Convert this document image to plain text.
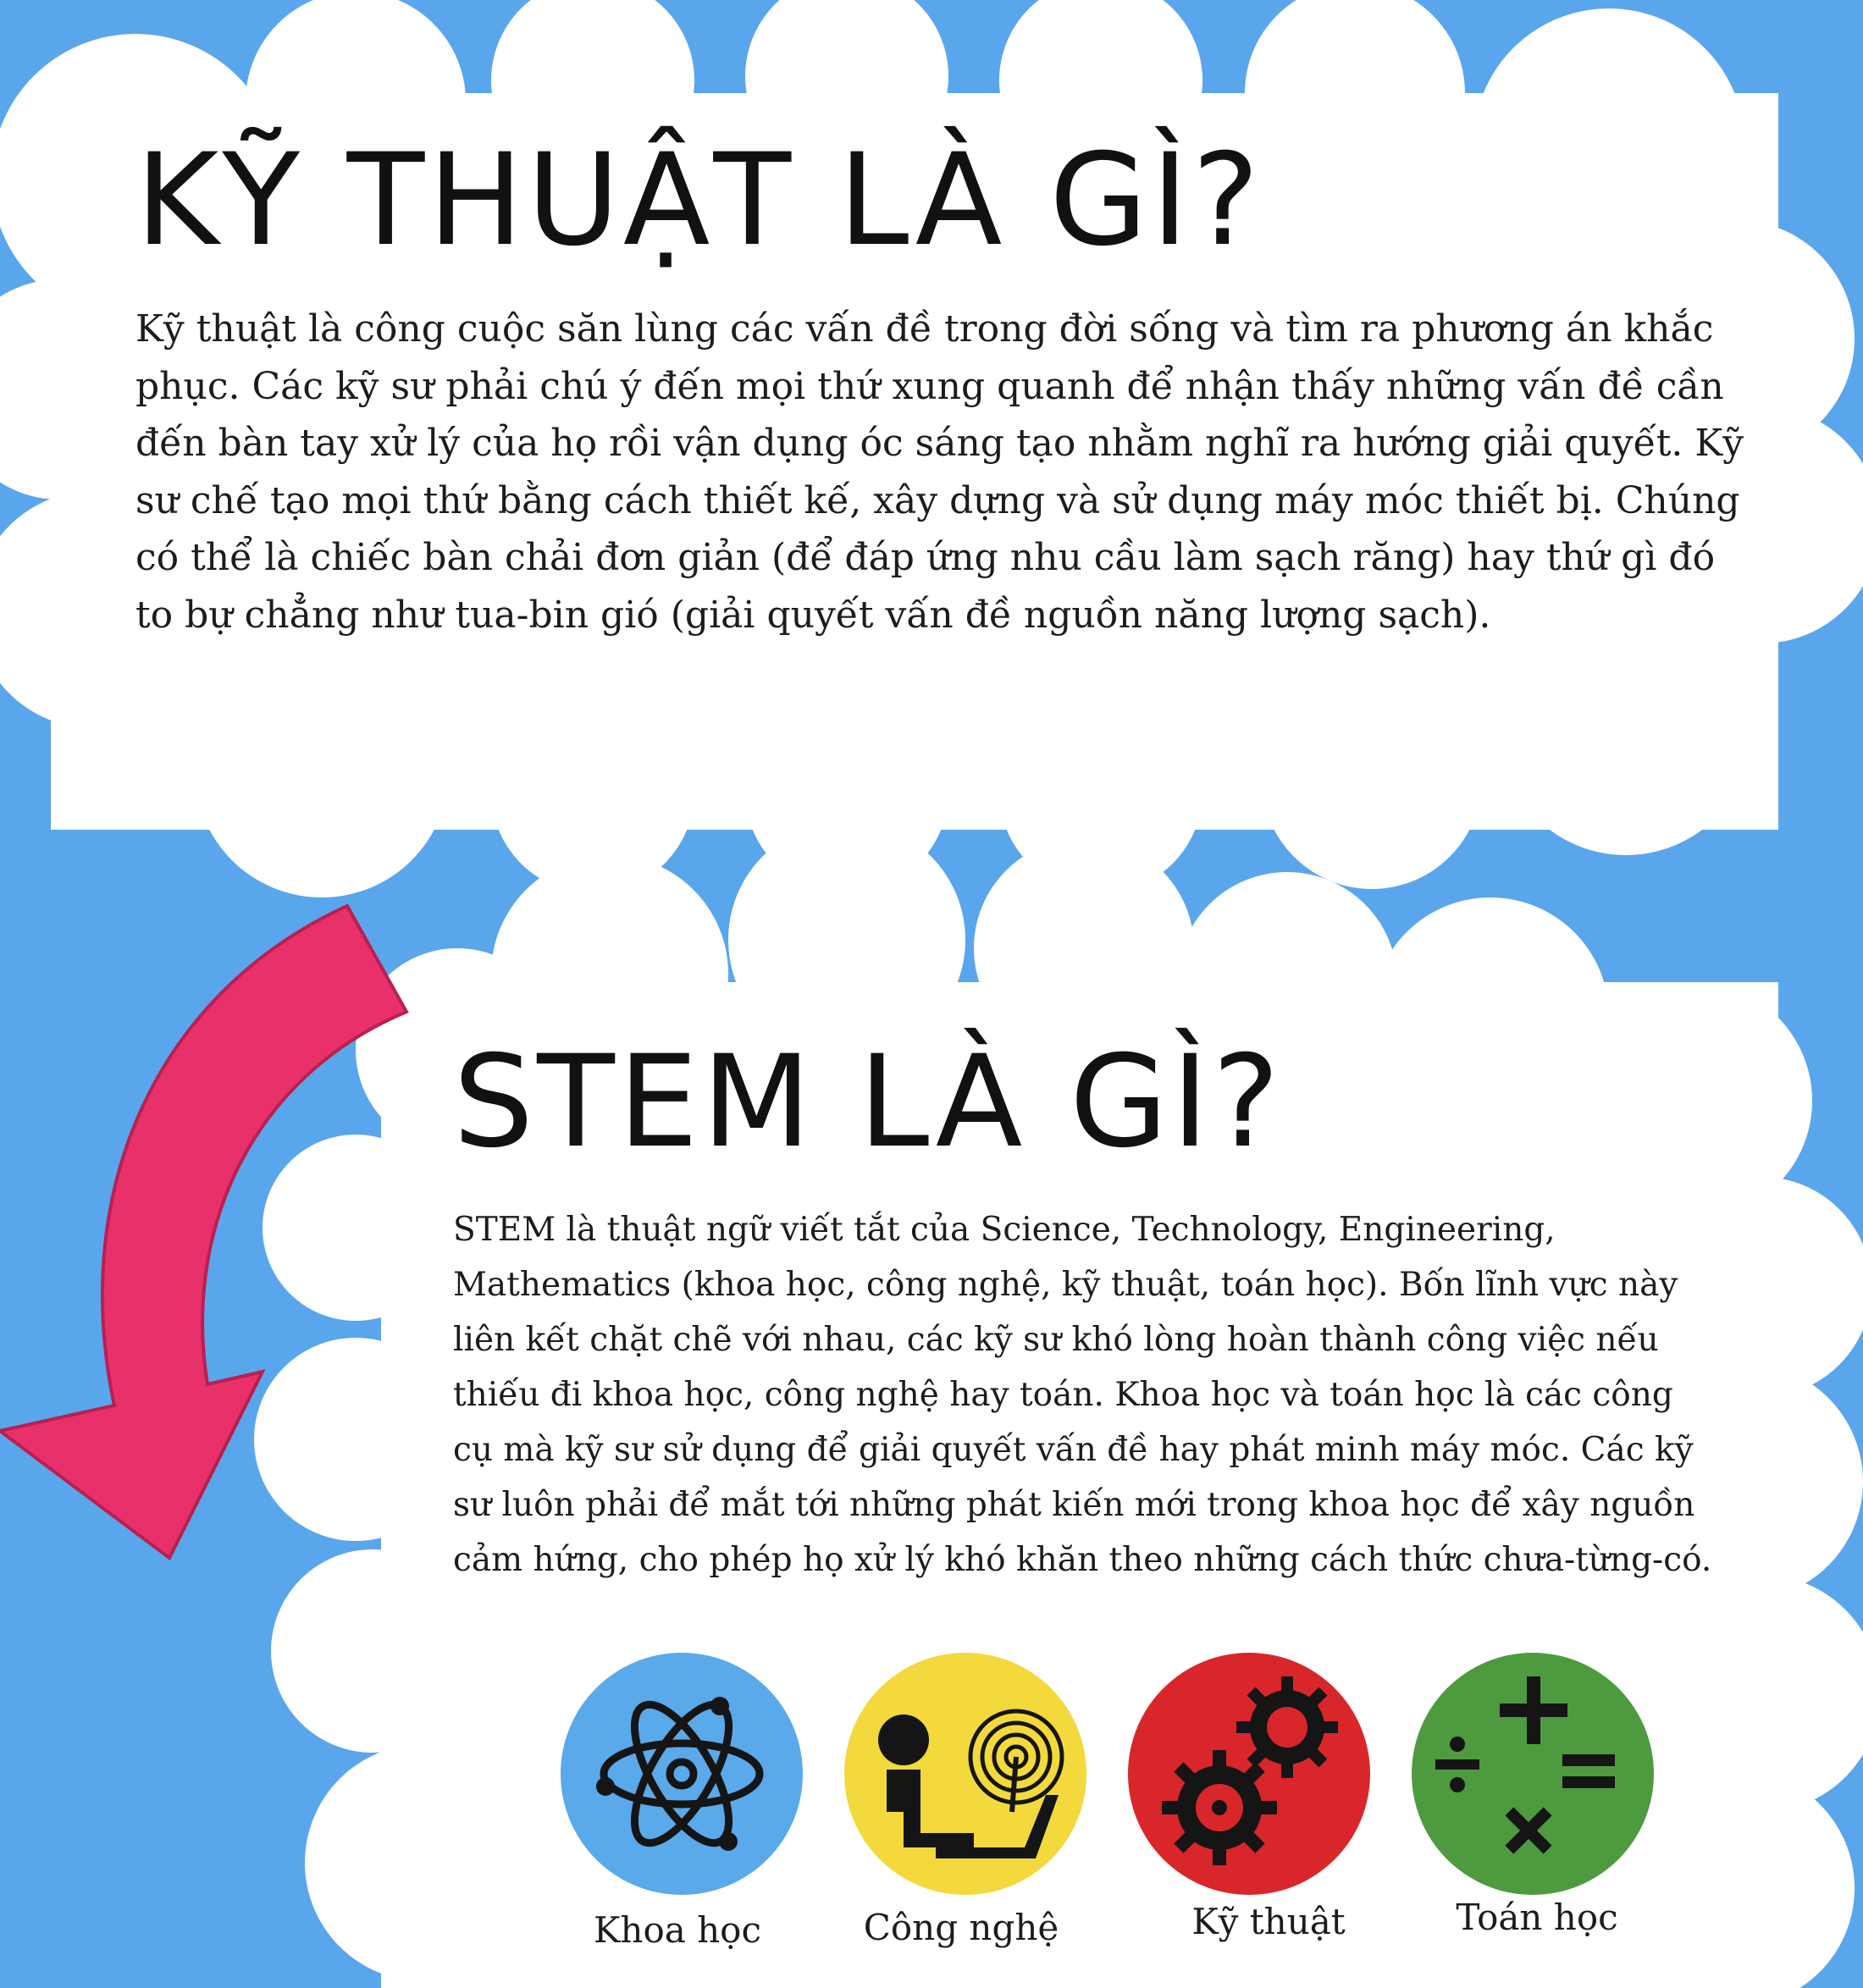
KỸ THUẬT LÀ GÌ?

Kỹ thuật là công cuộc săn lùng các vấn đề trong đời sống và tìm ra phương án khắc phục. Các kỹ sư phải chú ý đến mọi thứ xung quanh để nhận thấy những vấn đề cần đến bàn tay xử lý của họ rồi vận dụng óc sáng tạo nhằm nghĩ ra hướng giải quyết. Kỹ sư chế tạo mọi thứ bằng cách thiết kế, xây dựng và sử dụng máy móc thiết bị. Chúng có thể là chiếc bàn chải đơn giản (để đáp ứng nhu cầu làm sạch răng) hay thứ gì đó to bự chẳng như tua-bin gió (giải quyết vấn đề nguồn năng lượng sạch).

STEM LÀ GÌ?

STEM là thuật ngữ viết tắt của Science, Technology, Engineering, Mathematics (khoa học, công nghệ, kỹ thuật, toán học). Bốn lĩnh vực này liên kết chặt chẽ với nhau, các kỹ sư khó lòng hoàn thành công việc nếu thiếu đi khoa học, công nghệ hay toán. Khoa học và toán học là các công cụ mà kỹ sư sử dụng để giải quyết vấn đề hay phát minh máy móc. Các kỹ sư luôn phải để mắt tới những phát kiến mới trong khoa học để xây nguồn cảm hứng, cho phép họ xử lý khó khăn theo những cách thức chưa-từng-có.

Khoa học	Công nghệ	Kỹ thuật	Toán học
